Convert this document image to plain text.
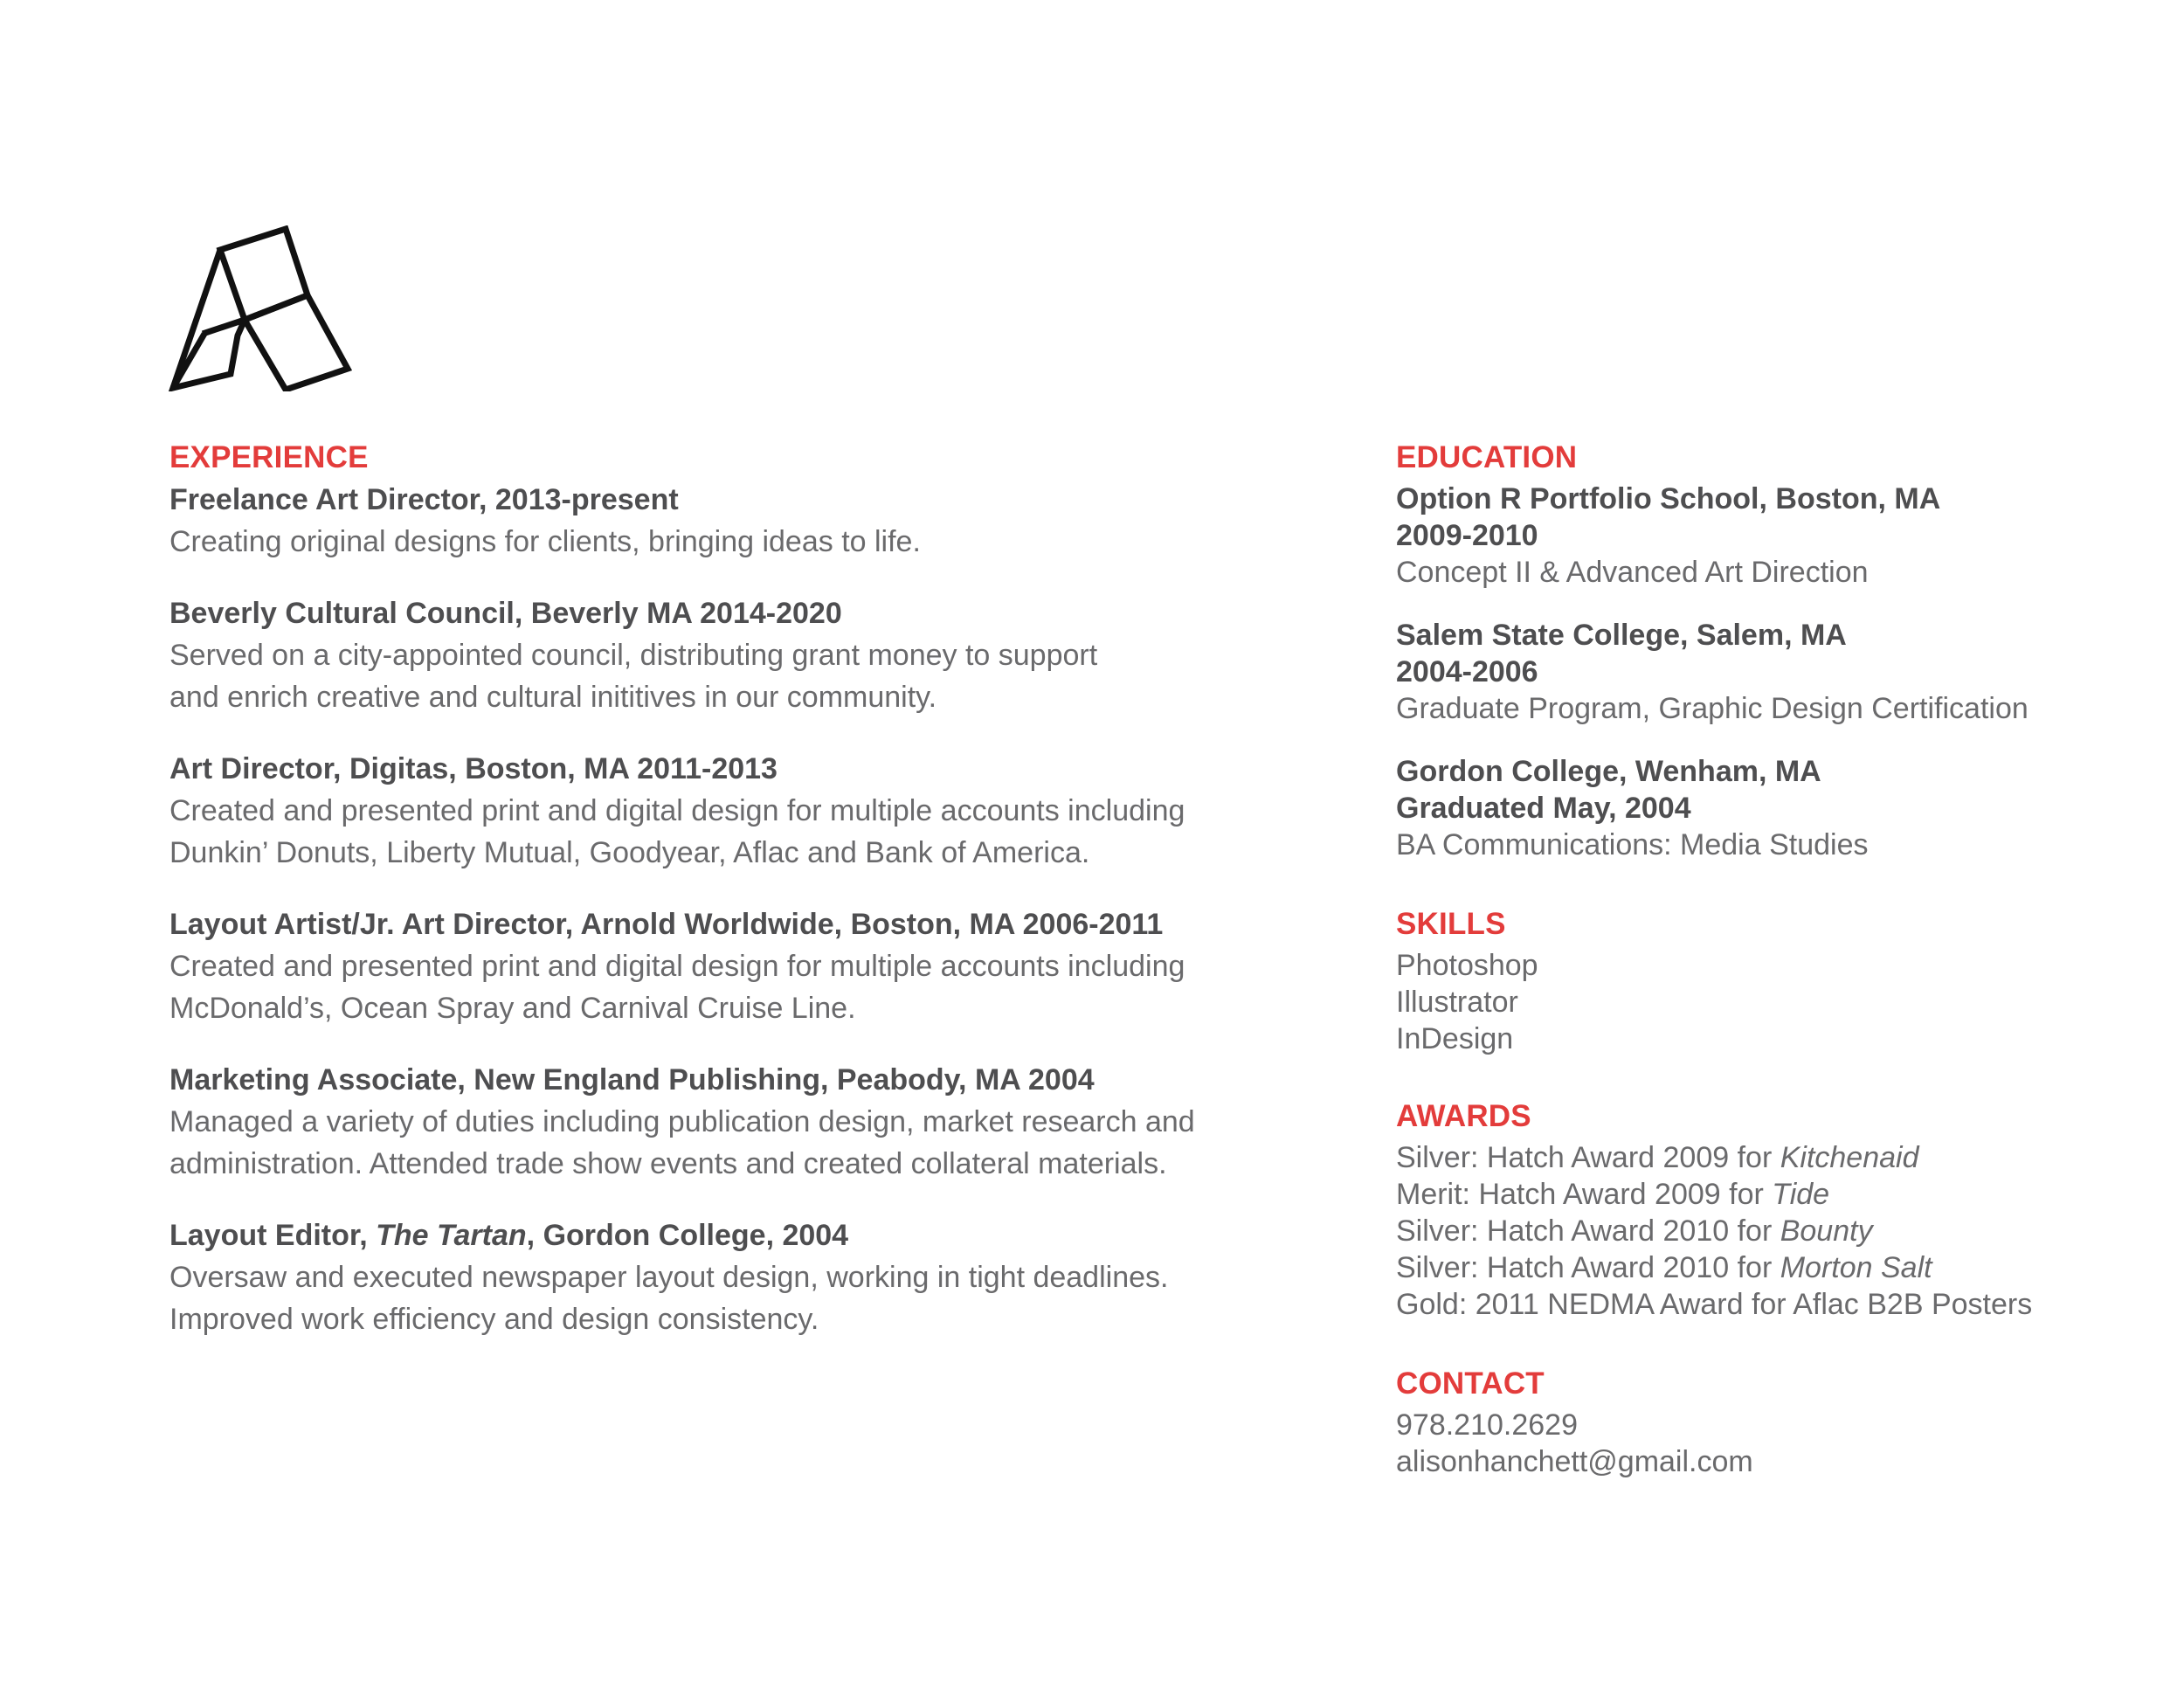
EXPERIENCE
Freelance Art Director, 2013-present
Creating original designs for clients, bringing ideas to life.
Beverly Cultural Council, Beverly MA 2014-2020
Served on a city-appointed council, distributing grant money to support
and enrich creative and cultural inititives in our community.
Art Director, Digitas, Boston, MA 2011-2013
Created and presented print and digital design for multiple accounts including
Dunkin’ Donuts, Liberty Mutual, Goodyear, Aflac and Bank of America.
Layout Artist/Jr. Art Director, Arnold Worldwide, Boston, MA 2006-2011
Created and presented print and digital design for multiple accounts including
McDonald’s, Ocean Spray and Carnival Cruise Line.
Marketing Associate, New England Publishing, Peabody, MA 2004
Managed a variety of duties including publication design, market research and
administration. Attended trade show events and created collateral materials.
Layout Editor, The Tartan, Gordon College, 2004
Oversaw and executed newspaper layout design, working in tight deadlines.
Improved work efficiency and design consistency.
EDUCATION
Option R Portfolio School, Boston, MA
2009-2010
Concept II & Advanced Art Direction
Salem State College, Salem, MA
2004-2006
Graduate Program, Graphic Design Certification
Gordon College, Wenham, MA
Graduated May, 2004
BA Communications: Media Studies
SKILLS
Photoshop
Illustrator
InDesign
AWARDS
Silver: Hatch Award 2009 for Kitchenaid
Merit: Hatch Award 2009 for Tide
Silver: Hatch Award 2010 for Bounty
Silver: Hatch Award 2010 for Morton Salt
Gold: 2011 NEDMA Award for Aflac B2B Posters
CONTACT
978.210.2629
alisonhanchett@gmail.com
